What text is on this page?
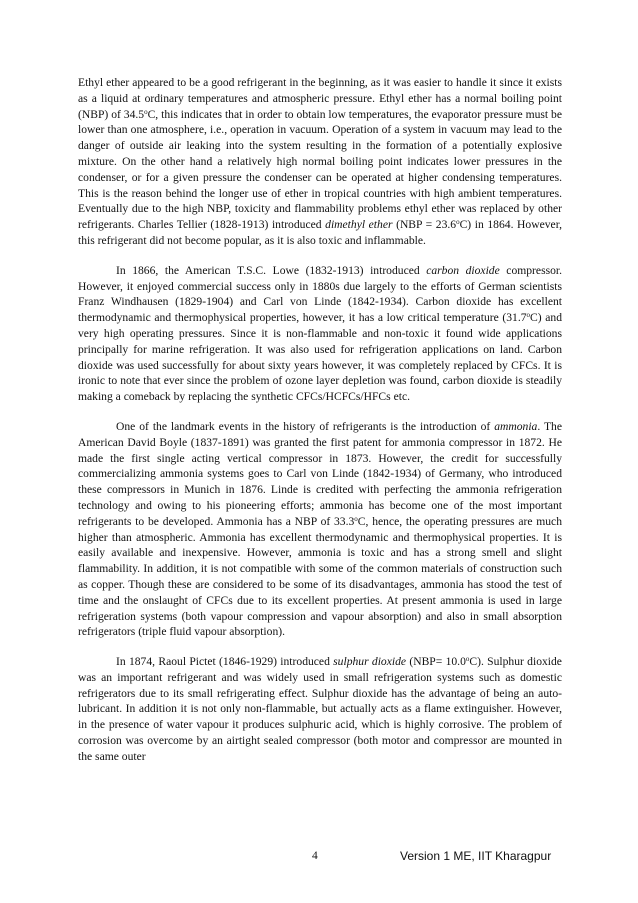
Ethyl ether appeared to be a good refrigerant in the beginning, as it was easier to handle it since it exists as a liquid at ordinary temperatures and atmospheric pressure. Ethyl ether has a normal boiling point (NBP) of 34.5$^o$C, this indicates that in order to obtain low temperatures, the evaporator pressure must be lower than one atmosphere, i.e., operation in vacuum. Operation of a system in vacuum may lead to the danger of outside air leaking into the system resulting in the formation of a potentially explosive mixture. On the other hand a relatively high normal boiling point indicates lower pressures in the condenser, or for a given pressure the condenser can be operated at higher condensing temperatures. This is the reason behind the longer use of ether in tropical countries with high ambient temperatures. Eventually due to the high NBP, toxicity and flammability problems ethyl ether was replaced by other refrigerants. Charles Tellier (1828-1913) introduced dimethyl ether $(NBP = 23.6^oC)$ in 1864. However, this refrigerant did not become popular, as it is also toxic and inflammable.

In 1866, the American T.S.C. Lowe (1832-1913) introduced carbon dioxide compressor. However, it enjoyed commercial success only in 1880s due largely to the efforts of German scientists Franz Windhausen (1829-1904) and Carl von Linde (1842-1934). Carbon dioxide has excellent thermodynamic and thermophysical properties, however, it has a low critical temperature (31.7$^o$C) and very high operating pressures. Since it is non-flammable and non-toxic it found wide applications principally for marine refrigeration. It was also used for refrigeration applications on land. Carbon dioxide was used successfully for about sixty years however, it was completely replaced by CFCs. It is ironic to note that ever since the problem of ozone layer depletion was found, carbon dioxide is steadily making a comeback by replacing the synthetic CFCs/HCFCs/HFCs etc.

One of the landmark events in the history of refrigerants is the introduction of ammonia. The American David Boyle (1837-1891) was granted the first patent for ammonia compressor in 1872. He made the first single acting vertical compressor in 1873. However, the credit for successfully commercializing ammonia systems goes to Carl von Linde (1842-1934) of Germany, who introduced these compressors in Munich in 1876. Linde is credited with perfecting the ammonia refrigeration technology and owing to his pioneering efforts; ammonia has become one of the most important refrigerants to be developed. Ammonia has a NBP of 33.3$^o$C, hence, the operating pressures are much higher than atmospheric. Ammonia has excellent thermodynamic and thermophysical properties. It is easily available and inexpensive. However, ammonia is toxic and has a strong smell and slight flammability. In addition, it is not compatible with some of the common materials of construction such as copper. Though these are considered to be some of its disadvantages, ammonia has stood the test of time and the onslaught of CFCs due to its excellent properties. At present ammonia is used in large refrigeration systems (both vapour compression and vapour absorption) and also in small absorption refrigerators (triple fluid vapour absorption).

In 1874, Raoul Pictet (1846-1929) introduced sulphur dioxide $(NBP= 10.0^oC)$. Sulphur dioxide was an important refrigerant and was widely used in small refrigeration systems such as domestic refrigerators due to its small refrigerating effect. Sulphur dioxide has the advantage of being an auto-lubricant. In addition it is not only non-flammable, but actually acts as a flame extinguisher. However, in the presence of water vapour it produces sulphuric acid, which is highly corrosive. The problem of corrosion was overcome by an airtight sealed compressor (both motor and compressor are mounted in the same outer

4	Version 1 ME, IIT Kharagpur
